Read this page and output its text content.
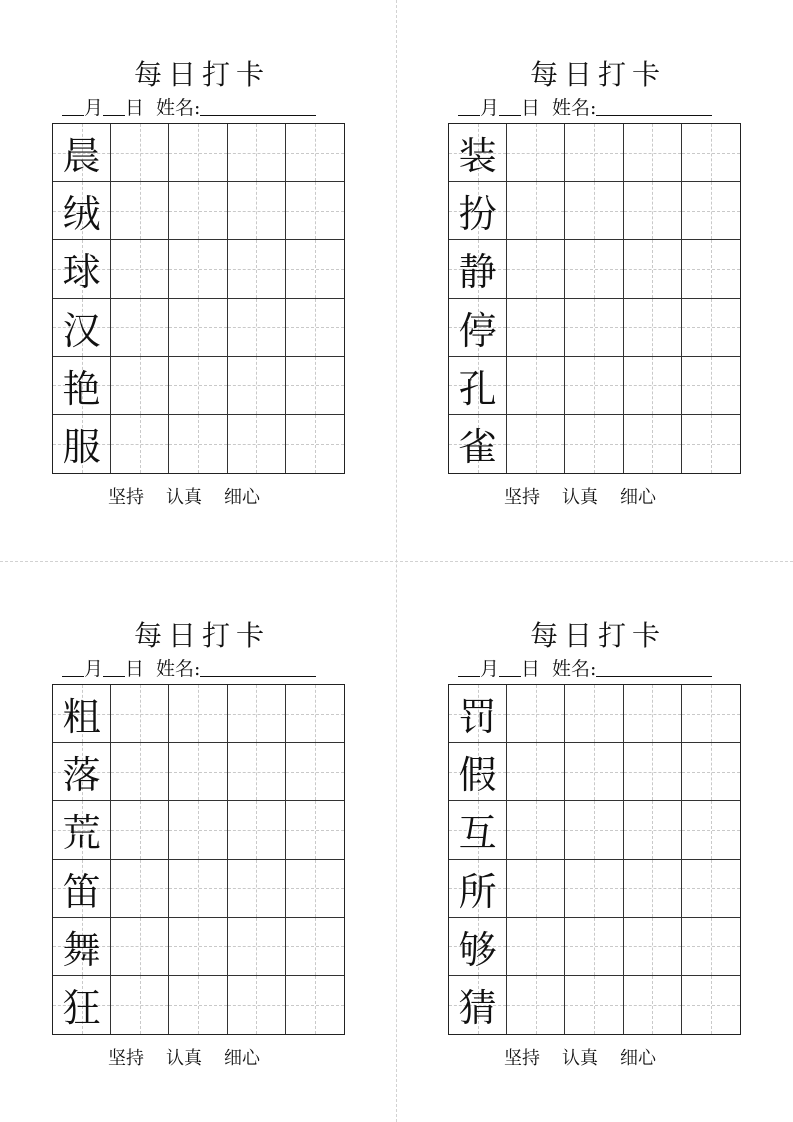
每日打卡
月 日 姓名:
晨
绒
球
汉
艳
服
坚持 认真 细心
每日打卡
月 日 姓名:
装
扮
静
停
孔
雀
坚持 认真 细心
每日打卡
月 日 姓名:
粗
落
荒
笛
舞
狂
坚持 认真 细心
每日打卡
月 日 姓名:
罚
假
互
所
够
猜
坚持 认真 细心
